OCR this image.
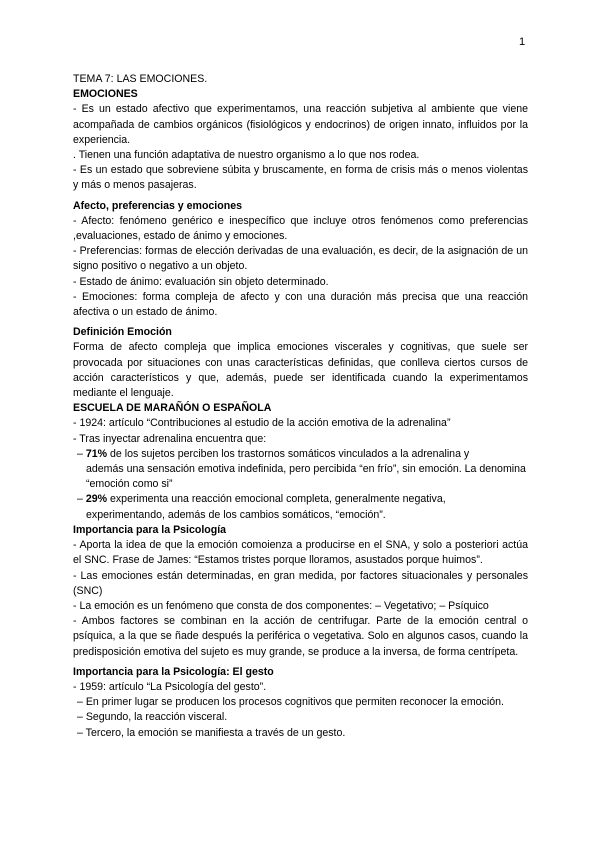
1

TEMA 7: LAS EMOCIONES.

EMOCIONES

- Es un estado afectivo que experimentamos, una reacción subjetiva al ambiente que viene acompañada de cambios orgánicos (fisiológicos y endocrinos) de origen innato, influidos por la experiencia.

. Tienen una función adaptativa de nuestro organismo a lo que nos rodea.

- Es un estado que sobreviene súbita y bruscamente, en forma de crisis más o menos violentas y más o menos pasajeras.

Afecto, preferencias y emociones

- Afecto: fenómeno genérico e inespecífico que incluye otros fenómenos como preferencias ,evaluaciones, estado de ánimo y emociones.

- Preferencias: formas de elección derivadas de una evaluación, es decir, de la asignación de un signo positivo o negativo a un objeto.

- Estado de ánimo: evaluación sin objeto determinado.

- Emociones: forma compleja de afecto y con una duración más precisa que una reacción afectiva o un estado de ánimo.

Definición Emoción

Forma de afecto compleja que implica emociones viscerales y cognitivas, que suele ser provocada por situaciones con unas características definidas, que conlleva ciertos cursos de acción característicos y que, además, puede ser identificada cuando la experimentamos mediante el lenguaje.

ESCUELA DE MARAÑÓN O ESPAÑOLA

- 1924: artículo “Contribuciones al estudio de la acción emotiva de la adrenalina”

- Tras inyectar adrenalina encuentra que:

– 71% de los sujetos perciben los trastornos somáticos vinculados a la adrenalina y

además una sensación emotiva indefinida, pero percibida “en frío”, sin emoción. La denomina “emoción como si”

– 29% experimenta una reacción emocional completa, generalmente negativa,

experimentando, además de los cambios somáticos, “emoción”.

Importancia para la Psicología

- Aporta la idea de que la emoción comoienza a producirse en el SNA, y solo a posteriori actúa el SNC. Frase de James: “Estamos tristes porque lloramos, asustados porque huimos”.

- Las emociones están determinadas, en gran medida, por factores situacionales y personales (SNC)

- La emoción es un fenómeno que consta de dos componentes: – Vegetativo; – Psíquico

- Ambos factores se combinan en la acción de centrifugar. Parte de la emoción central o psíquica, a la que se ñade después la periférica o vegetativa. Solo en algunos casos, cuando la predisposición emotiva del sujeto es muy grande, se produce a la inversa, de forma centrípeta.

Importancia para la Psicología: El gesto

- 1959: artículo “La Psicología del gesto”.

– En primer lugar se producen los procesos cognitivos que permiten reconocer la emoción.

– Segundo, la reacción visceral.

– Tercero, la emoción se manifiesta a través de un gesto.
